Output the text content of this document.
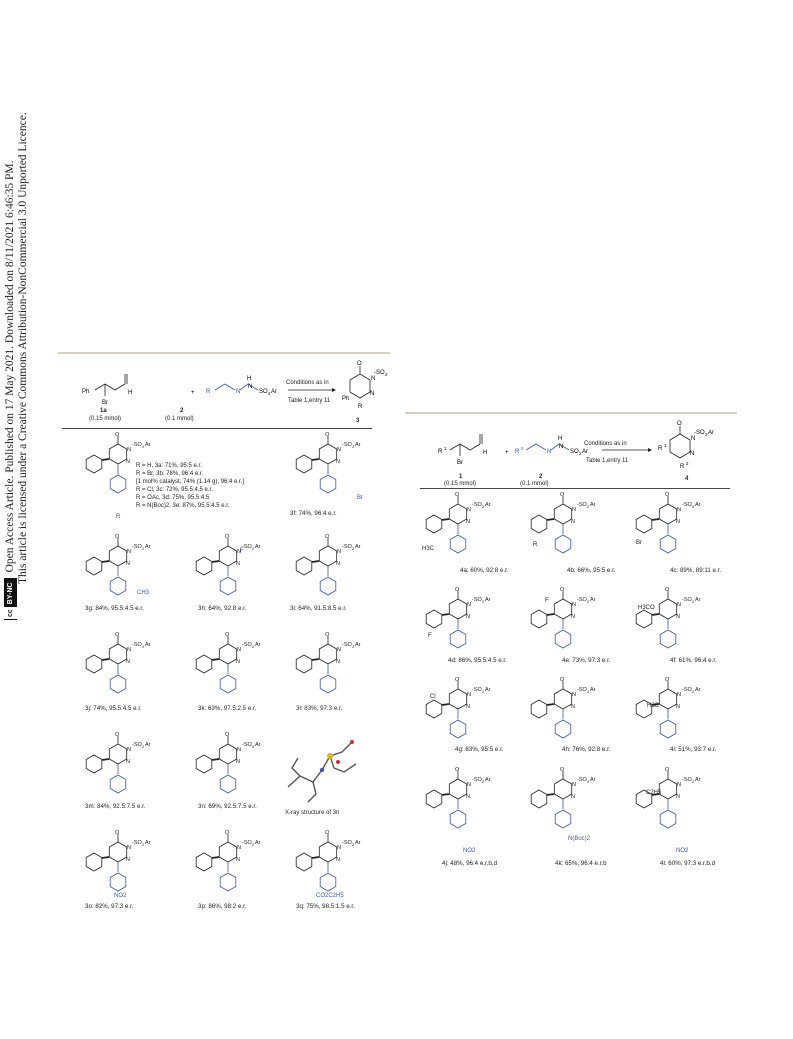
cc
BY-NC
Open Access Article. Published on 17 May 2021. Downloaded on 8/11/2021 6:46:35 PM. This article is licensed under a Creative Commons Attribution-NonCommercial 3.0 Unported Licence.	Ph	H
Br
+ R	N
H
N
SO 2 Ar
O
N
N
-SO 2
Ph
R
1a
(0.15 mmol)
2
(0.1 mmol)
Conditions as in
Table 1,entry 11
3
R = H, 3a: 71%, 95:5 e.r.
R = Br, 3b: 78%, 96:4 e.r.
[1 mol% catalyst, 74% (1.14 g), 96:4 e.r.]
R = Cl, 3c: 72%, 95.5:4.5 e.r.
R = OAc, 3d: 75%, 95.5:4.5
R = N(Boc)2, 3e: 87%, 95.5:4.5 e.r.
X-ray structure of 3n
R
1
H
Br
+ R
2
N
H
N
SO 2 Ar
O
N
N
-SO 2 Ar
R
1
R
2
1
(0.15 mmol)
2
(0.1 mmol)
Conditions as in
Table 1,entry 11
4
O
N
N
-SO 2 Ar
O
N
N
-SO 2 Ar
O
N
N
-SO 2 Ar
O
N
N
-SO 2 Ar
O
N
N
-SO 2 Ar
O
N
N
-SO 2 Ar
O
N
N
-SO 2 Ar
O
N
N
-SO 2 Ar
O
N
N
-SO 2 Ar
O
N
N
-SO 2 Ar
O
N
N
-SO 2 Ar
O
N
N
-SO 2 Ar
O
N
N
-SO 2 Ar
O
N
N
-SO 2 Ar
O
N
N
-SO 2 Ar
O
N
N
-SO 2 Ar
O
N
N
-SO 2 Ar
O
N
N
-SO 2 Ar
O
N
N
-SO 2 Ar
O
N
N
-SO 2 Ar
O
N
N
-SO 2 Ar
O
N
N
-SO 2 Ar
O
N
N
-SO 2 Ar
O
N
N
-SO 2 Ar
O
N
N
-SO 2 Ar
3f: 74%, 96:4 e.r.
3g: 84%, 95.5:4.5 e.r.	3h: 64%, 92:8 e.r.	3i: 64%, 91.5:8.5 e.r.
3j: 74%, 95.5:4.5 e.r.	3k: 63%, 97.5:2.5 e.r.	3l: 83%, 97:3 e.r.
3m: 84%, 92.5:7.5 e.r.	3n: 69%, 92.5:7.5 e.r.
3o: 82%, 97:3 e.r.	3p: 86%, 98:2 e.r.	3q: 75%, 98.5:1.5 e.r.
4a: 60%, 92:8 e.r.	4b: 66%, 95:5 e.r.	4c: 89%, 89:11 e.r.
4d: 86%, 95.5:4.5 e.r.	4e: 73%, 97:3 e.r.	4f: 61%, 96:4 e.r.
4g: 83%, 95:5 e.r.	4h: 76%, 92:8 e.r.	4i: 51%, 93:7 e.r.
4j: 48%, 96:4 e.r.b,d	4k: 65%, 96:4 e.r.b	4l: 60%, 97:3 e.r.b,d
R
Br
CH3
F
NO2	CO2C2H5
H3C
R	Br
F
F
H3CO
Cl
H3C
NO2
N(Boc)2
C2H5
NO2
